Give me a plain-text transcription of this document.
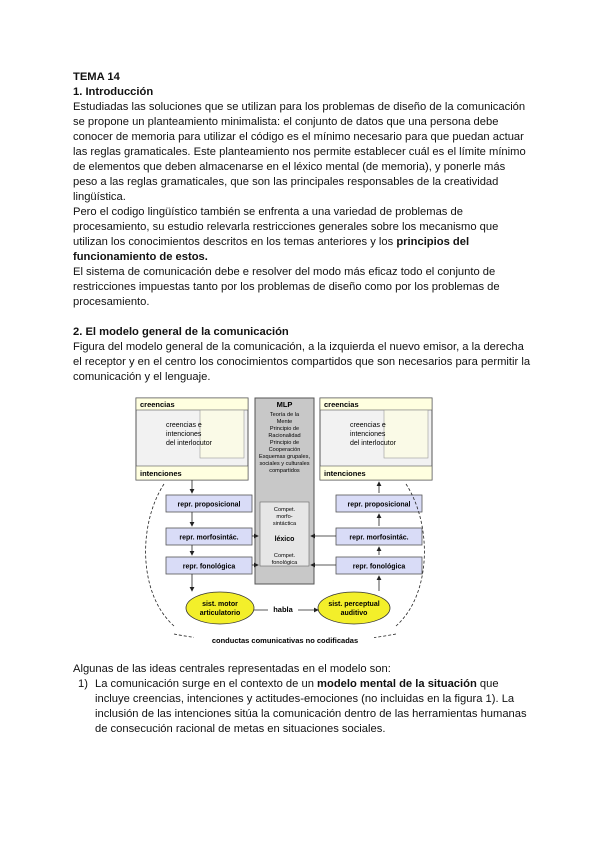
TEMA 14
1. Introducción

Estudiadas las soluciones que se utilizan para los problemas de diseño de la comunicación se propone un planteamiento minimalista: el conjunto de datos que una persona debe conocer de memoria para utilizar el código es el mínimo necesario para que puedan actuar las reglas gramaticales. Este planteamiento nos permite establecer cuál es el límite mínimo de elementos que deben almacenarse en el léxico mental (de memoria), y ponerle más peso a las reglas gramaticales, que son las principales responsables de la creatividad lingüística.

Pero el codigo lingüístico también se enfrenta a una variedad de problemas de procesamiento, su estudio relevarla restricciones generales sobre los mecanismo que utilizan los conocimientos descritos en los temas anteriores y los principios del funcionamiento de estos.

El sistema de comunicación debe e resolver del modo más eficaz todo el conjunto de restricciones impuestas tanto por los problemas de diseño como por los problemas de procesamiento.

2. El modelo general de la comunicación

Figura del modelo general de la comunicación, a la izquierda el nuevo emisor, a la derecha el receptor y en el centro los conocimientos compartidos que son necesarios para permitir la comunicación y el lenguaje.

creencias
creencias e
intenciones
del interlocutor
intenciones
creencias
creencias e
intenciones
del interlocutor
intenciones
MLP
Teoría de la
Mente
Principio de
Racionalidad
Principio de
Cooperación
Esquemas grupales,
sociales y culturales
compartidos
Compet.
morfo-
sintáctica
Compet.
fonológica
léxico
repr. proposicional
repr. morfosintác.
repr. fonológica
repr. proposicional
repr. morfosintác.
repr. fonológica
sist. motor
articulatorio
sist. perceptual
auditivo
habla
conductas comunicativas no codificadas

Algunas de las ideas centrales representadas en el modelo son:

1) La comunicación surge en el contexto de un modelo mental de la situación que incluye creencias, intenciones y actitudes-emociones (no incluidas en la figura 1). La inclusión de las intenciones sitúa la comunicación dentro de las herramientas humanas de consecución racional de metas en situaciones sociales.
